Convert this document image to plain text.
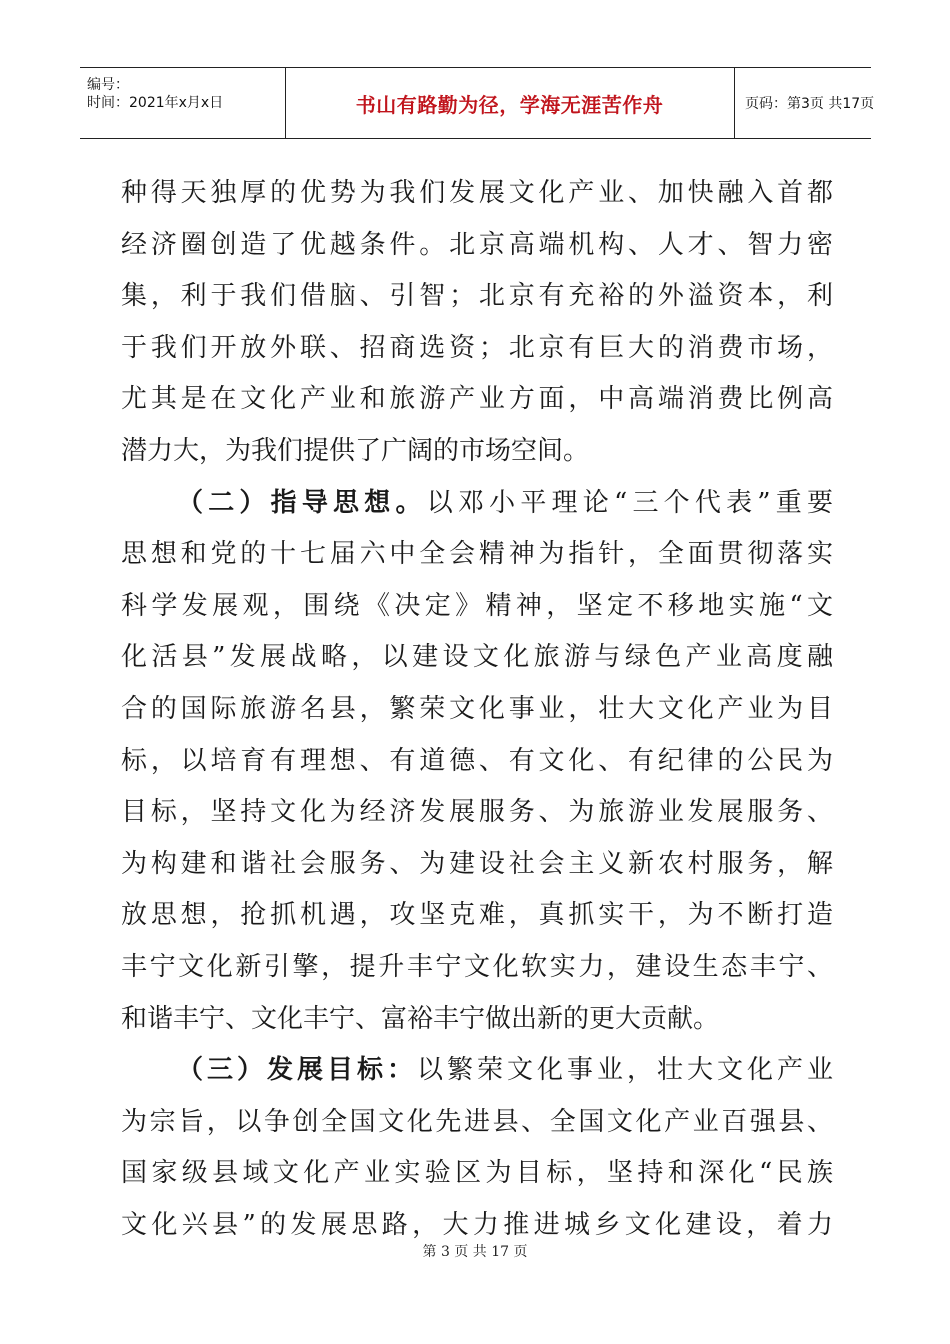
编号：
时间：2021年x月x日	书山有路勤为径，学海无涯苦作舟	页码：第3页 共17页
种得天独厚的优势为我们发展文化产业、加快融入首都
经济圈创造了优越条件。北京高端机构、人才、智力密
集，利于我们借脑、引智；北京有充裕的外溢资本，利
于我们开放外联、招商选资；北京有巨大的消费市场，
尤其是在文化产业和旅游产业方面，中高端消费比例高
潜力大，为我们提供了广阔的市场空间。
（二）指导思想。以邓小平理论“三个代表”重要
思想和党的十七届六中全会精神为指针，全面贯彻落实
科学发展观，围绕《决定》精神，坚定不移地实施“文
化活县”发展战略，以建设文化旅游与绿色产业高度融
合的国际旅游名县，繁荣文化事业，壮大文化产业为目
标，以培育有理想、有道德、有文化、有纪律的公民为
目标，坚持文化为经济发展服务、为旅游业发展服务、
为构建和谐社会服务、为建设社会主义新农村服务，解
放思想，抢抓机遇，攻坚克难，真抓实干，为不断打造
丰宁文化新引擎，提升丰宁文化软实力，建设生态丰宁、
和谐丰宁、文化丰宁、富裕丰宁做出新的更大贡献。
（三）发展目标：以繁荣文化事业，壮大文化产业
为宗旨，以争创全国文化先进县、全国文化产业百强县、
国家级县域文化产业实验区为目标，坚持和深化“民族
文化兴县”的发展思路，大力推进城乡文化建设，着力
第 3 页 共 17 页
